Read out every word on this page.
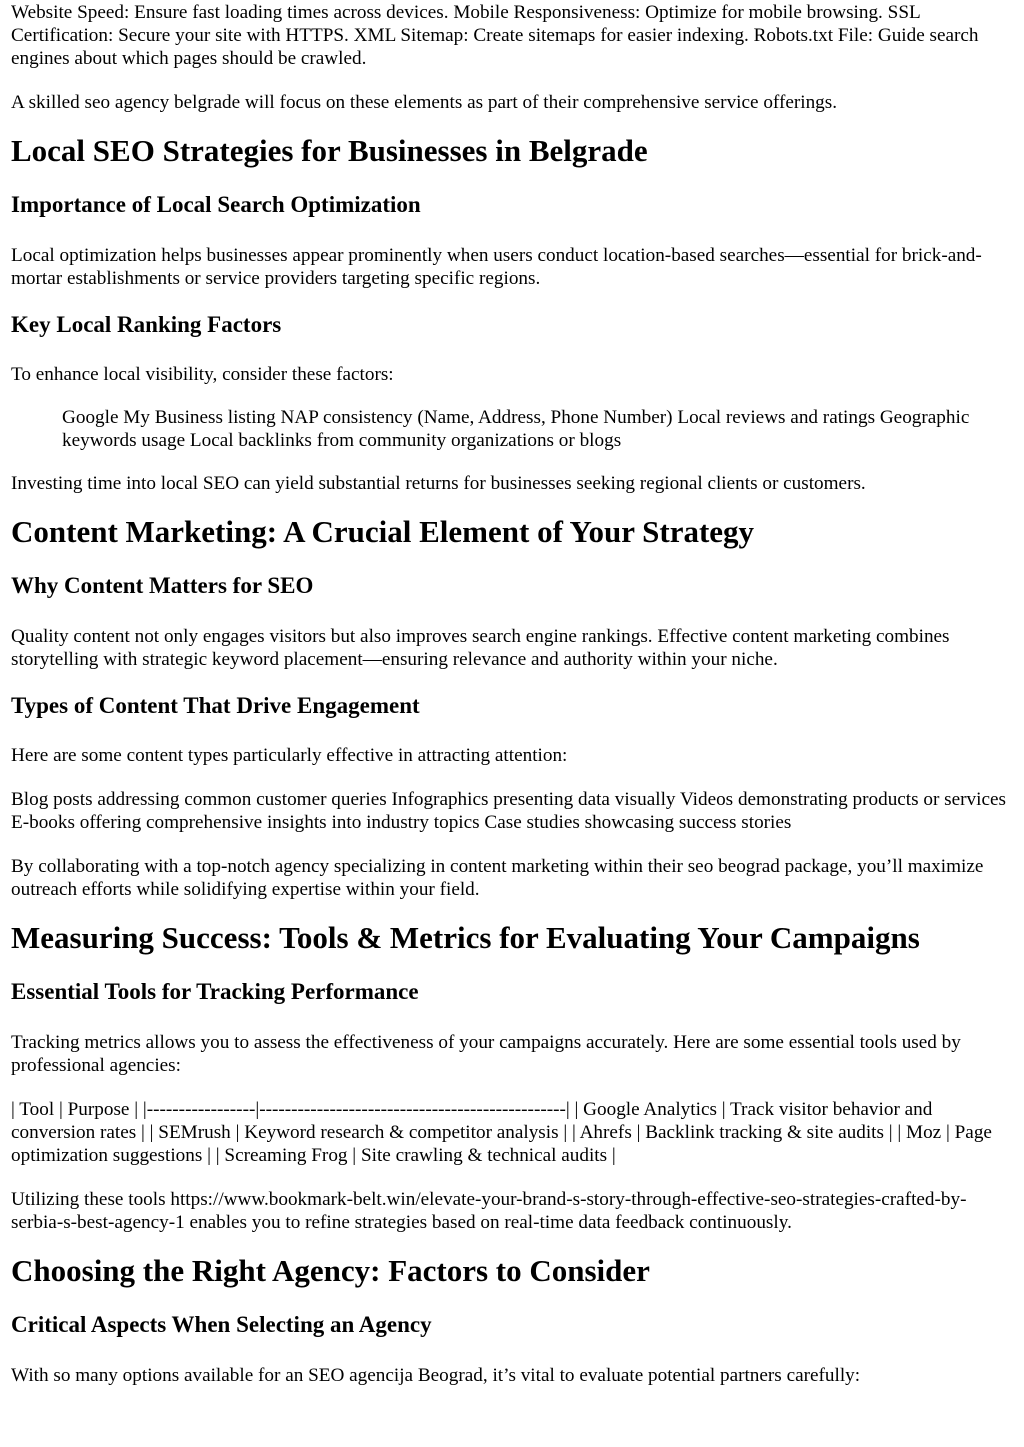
Website Speed: Ensure fast loading times across devices. Mobile Responsiveness: Optimize for mobile browsing. SSL Certification: Secure your site with HTTPS. XML Sitemap: Create sitemaps for easier indexing. Robots.txt File: Guide search engines about which pages should be crawled.

A skilled seo agency belgrade will focus on these elements as part of their comprehensive service offerings.

Local SEO Strategies for Businesses in Belgrade
Importance of Local Search Optimization

Local optimization helps businesses appear prominently when users conduct location-based searches—essential for brick-and-mortar establishments or service providers targeting specific regions.

Key Local Ranking Factors

To enhance local visibility, consider these factors:

Google My Business listing NAP consistency (Name, Address, Phone Number) Local reviews and ratings Geographic keywords usage Local backlinks from community organizations or blogs

Investing time into local SEO can yield substantial returns for businesses seeking regional clients or customers.

Content Marketing: A Crucial Element of Your Strategy
Why Content Matters for SEO

Quality content not only engages visitors but also improves search engine rankings. Effective content marketing combines storytelling with strategic keyword placement—ensuring relevance and authority within your niche.

Types of Content That Drive Engagement

Here are some content types particularly effective in attracting attention:

Blog posts addressing common customer queries Infographics presenting data visually Videos demonstrating products or services E-books offering comprehensive insights into industry topics Case studies showcasing success stories

By collaborating with a top-notch agency specializing in content marketing within their seo beograd package, you’ll maximize outreach efforts while solidifying expertise within your field.

Measuring Success: Tools & Metrics for Evaluating Your Campaigns
Essential Tools for Tracking Performance

Tracking metrics allows you to assess the effectiveness of your campaigns accurately. Here are some essential tools used by professional agencies:

| Tool | Purpose | |-----------------|------------------------------------------------| | Google Analytics | Track visitor behavior and conversion rates | | SEMrush | Keyword research & competitor analysis | | Ahrefs | Backlink tracking & site audits | | Moz | Page optimization suggestions | | Screaming Frog | Site crawling & technical audits |

Utilizing these tools https://www.bookmark-belt.win/elevate-your-brand-s-story-through-effective-seo-strategies-crafted-by-serbia-s-best-agency-1 enables you to refine strategies based on real-time data feedback continuously.

Choosing the Right Agency: Factors to Consider
Critical Aspects When Selecting an Agency

With so many options available for an SEO agencija Beograd, it’s vital to evaluate potential partners carefully:
